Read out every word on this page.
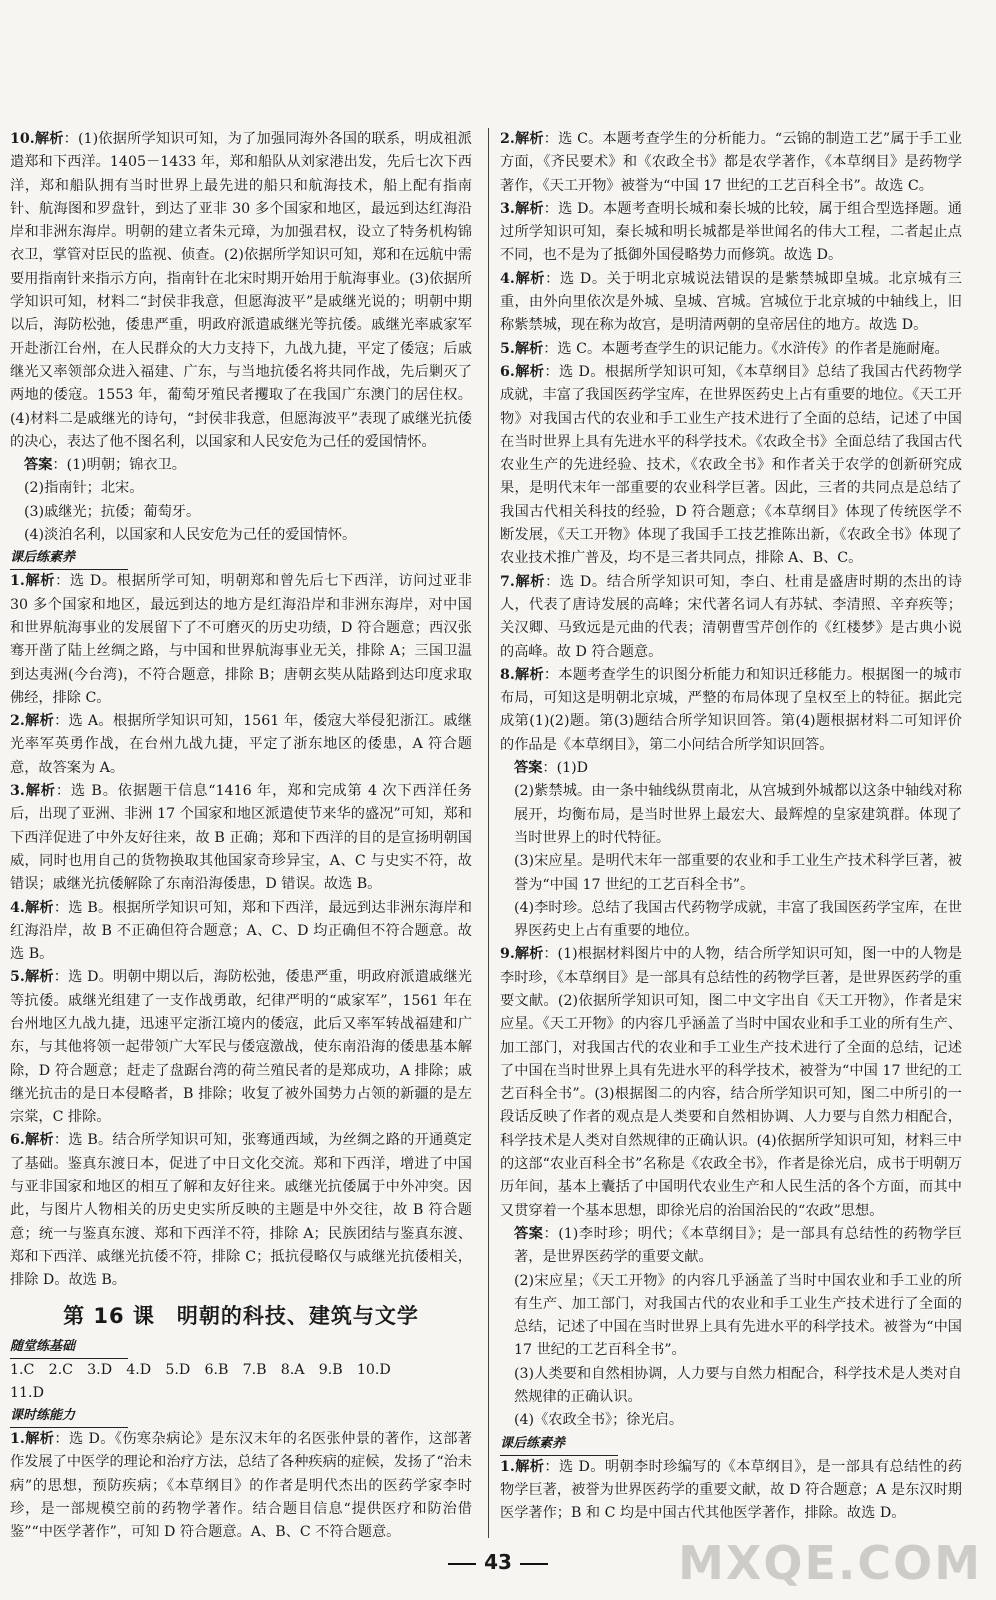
10.解析：(1)依据所学知识可知，为了加强同海外各国的联系，明成祖派遣郑和下西洋。1405－1433 年，郑和船队从刘家港出发，先后七次下西洋，郑和船队拥有当时世界上最先进的船只和航海技术，船上配有指南针、航海图和罗盘针，到达了亚非 30 多个国家和地区，最远到达红海沿岸和非洲东海岸。明朝的建立者朱元璋，为加强君权，设立了特务机构锦衣卫，掌管对臣民的监视、侦查。(2)依据所学知识可知，郑和在远航中需要用指南针来指示方向，指南针在北宋时期开始用于航海事业。(3)依据所学知识可知，材料二“封侯非我意，但愿海波平”是戚继光说的；明朝中期以后，海防松弛，倭患严重，明政府派遣戚继光等抗倭。戚继光率戚家军开赴浙江台州，在人民群众的大力支持下，九战九捷，平定了倭寇；后戚继光又率领部众进入福建、广东，与当地抗倭名将共同作战，先后剿灭了两地的倭寇。1553 年，葡萄牙殖民者攫取了在我国广东澳门的居住权。(4)材料二是戚继光的诗句，“封侯非我意，但愿海波平”表现了戚继光抗倭的决心，表达了他不图名利，以国家和人民安危为己任的爱国情怀。

答案：(1)明朝；锦衣卫。

(2)指南针；北宋。

(3)戚继光；抗倭；葡萄牙。

(4)淡泊名利，以国家和人民安危为己任的爱国情怀。

课后练素养

1.解析：选 D。根据所学可知，明朝郑和曾先后七下西洋，访问过亚非 30 多个国家和地区，最远到达的地方是红海沿岸和非洲东海岸，对中国和世界航海事业的发展留下了不可磨灭的历史功绩，D 符合题意；西汉张骞开凿了陆上丝绸之路，与中国和世界航海事业无关，排除 A；三国卫温到达夷洲(今台湾)，不符合题意，排除 B；唐朝玄奘从陆路到达印度求取佛经，排除 C。

2.解析：选 A。根据所学知识可知，1561 年，倭寇大举侵犯浙江。戚继光率军英勇作战，在台州九战九捷，平定了浙东地区的倭患，A 符合题意，故答案为 A。

3.解析：选 B。依据题干信息“1416 年，郑和完成第 4 次下西洋任务后，出现了亚洲、非洲 17 个国家和地区派遣使节来华的盛况”可知，郑和下西洋促进了中外友好往来，故 B 正确；郑和下西洋的目的是宣扬明朝国威，同时也用自己的货物换取其他国家奇珍异宝，A、C 与史实不符，故错误；戚继光抗倭解除了东南沿海倭患，D 错误。故选 B。

4.解析：选 B。根据所学知识可知，郑和下西洋，最远到达非洲东海岸和红海沿岸，故 B 不正确但符合题意；A、C、D 均正确但不符合题意。故选 B。

5.解析：选 D。明朝中期以后，海防松弛，倭患严重，明政府派遣戚继光等抗倭。戚继光组建了一支作战勇敢，纪律严明的“戚家军”，1561 年在台州地区九战九捷，迅速平定浙江境内的倭寇，此后又率军转战福建和广东，与其他将领一起带领广大军民与倭寇激战，使东南沿海的倭患基本解除，D 符合题意；赶走了盘踞台湾的荷兰殖民者的是郑成功，A 排除；戚继光抗击的是日本侵略者，B 排除；收复了被外国势力占领的新疆的是左宗棠，C 排除。

6.解析：选 B。结合所学知识可知，张骞通西域，为丝绸之路的开通奠定了基础。鉴真东渡日本，促进了中日文化交流。郑和下西洋，增进了中国与亚非国家和地区的相互了解和友好往来。戚继光抗倭属于中外冲突。因此，与图片人物相关的历史史实所反映的主题是中外交往，故 B 符合题意；统一与鉴真东渡、郑和下西洋不符，排除 A；民族团结与鉴真东渡、郑和下西洋、戚继光抗倭不符，排除 C；抵抗侵略仅与戚继光抗倭相关，排除 D。故选 B。

第 16 课　明朝的科技、建筑与文学
随堂练基础

1.C　2.C　3.D　4.D　5.D　6.B　7.B　8.A　9.B　10.D

11.D

课时练能力

1.解析：选 D。《伤寒杂病论》是东汉末年的名医张仲景的著作，这部著作发展了中医学的理论和治疗方法，总结了各种疾病的症候，发扬了“治未病”的思想，预防疾病；《本草纲目》的作者是明代杰出的医药学家李时珍，是一部规模空前的药物学著作。结合题目信息“提供医疗和防治借鉴”“中医学著作”，可知 D 符合题意。A、B、C 不符合题意。

2.解析：选 C。本题考查学生的分析能力。“云锦的制造工艺”属于手工业方面，《齐民要术》和《农政全书》都是农学著作，《本草纲目》是药物学著作，《天工开物》被誉为“中国 17 世纪的工艺百科全书”。故选 C。

3.解析：选 D。本题考查明长城和秦长城的比较，属于组合型选择题。通过所学知识可知，秦长城和明长城都是举世闻名的伟大工程，二者起止点不同，也不是为了抵御外国侵略势力而修筑。故选 D。

4.解析：选 D。关于明北京城说法错误的是紫禁城即皇城。北京城有三重，由外向里依次是外城、皇城、宫城。宫城位于北京城的中轴线上，旧称紫禁城，现在称为故宫，是明清两朝的皇帝居住的地方。故选 D。

5.解析：选 C。本题考查学生的识记能力。《水浒传》的作者是施耐庵。

6.解析：选 D。根据所学知识可知，《本草纲目》总结了我国古代药物学成就，丰富了我国医药学宝库，在世界医药史上占有重要的地位。《天工开物》对我国古代的农业和手工业生产技术进行了全面的总结，记述了中国在当时世界上具有先进水平的科学技术。《农政全书》全面总结了我国古代农业生产的先进经验、技术，《农政全书》和作者关于农学的创新研究成果，是明代末年一部重要的农业科学巨著。因此，三者的共同点是总结了我国古代相关科技的经验，D 符合题意；《本草纲目》体现了传统医学不断发展，《天工开物》体现了我国手工技艺推陈出新，《农政全书》体现了农业技术推广普及，均不是三者共同点，排除 A、B、C。

7.解析：选 D。结合所学知识可知，李白、杜甫是盛唐时期的杰出的诗人，代表了唐诗发展的高峰；宋代著名词人有苏轼、李清照、辛弃疾等；关汉卿、马致远是元曲的代表；清朝曹雪芹创作的《红楼梦》是古典小说的高峰。故 D 符合题意。

8.解析：本题考查学生的识图分析能力和知识迁移能力。根据图一的城市布局，可知这是明朝北京城，严整的布局体现了皇权至上的特征。据此完成第(1)(2)题。第(3)题结合所学知识回答。第(4)题根据材料二可知评价的作品是《本草纲目》，第二小问结合所学知识回答。

答案：(1)D

(2)紫禁城。由一条中轴线纵贯南北，从宫城到外城都以这条中轴线对称展开，均衡布局，是当时世界上最宏大、最辉煌的皇家建筑群。体现了当时世界上的时代特征。

(3)宋应星。是明代末年一部重要的农业和手工业生产技术科学巨著，被誉为“中国 17 世纪的工艺百科全书”。

(4)李时珍。总结了我国古代药物学成就，丰富了我国医药学宝库，在世界医药史上占有重要的地位。

9.解析：(1)根据材料图片中的人物，结合所学知识可知，图一中的人物是李时珍，《本草纲目》是一部具有总结性的药物学巨著，是世界医药学的重要文献。(2)依据所学知识可知，图二中文字出自《天工开物》，作者是宋应星。《天工开物》的内容几乎涵盖了当时中国农业和手工业的所有生产、加工部门，对我国古代的农业和手工业生产技术进行了全面的总结，记述了中国在当时世界上具有先进水平的科学技术，被誉为“中国 17 世纪的工艺百科全书”。(3)根据图二的内容，结合所学知识可知，图二中所引的一段话反映了作者的观点是人类要和自然相协调、人力要与自然力相配合，科学技术是人类对自然规律的正确认识。(4)依据所学知识可知，材料三中的这部“农业百科全书”名称是《农政全书》，作者是徐光启，成书于明朝万历年间，基本上囊括了中国明代农业生产和人民生活的各个方面，而其中又贯穿着一个基本思想，即徐光启的治国治民的“农政”思想。

答案：(1)李时珍；明代；《本草纲目》；是一部具有总结性的药物学巨著，是世界医药学的重要文献。

(2)宋应星；《天工开物》的内容几乎涵盖了当时中国农业和手工业的所有生产、加工部门，对我国古代的农业和手工业生产技术进行了全面的总结，记述了中国在当时世界上具有先进水平的科学技术。被誉为“中国 17 世纪的工艺百科全书”。

(3)人类要和自然相协调，人力要与自然力相配合，科学技术是人类对自然规律的正确认识。

(4)《农政全书》；徐光启。

课后练素养

1.解析：选 D。明朝李时珍编写的《本草纲目》，是一部具有总结性的药物学巨著，被誉为世界医药学的重要文献，故 D 符合题意；A 是东汉时期医学著作；B 和 C 均是中国古代其他医学著作，排除。故选 D。

43	MXQE.COM
